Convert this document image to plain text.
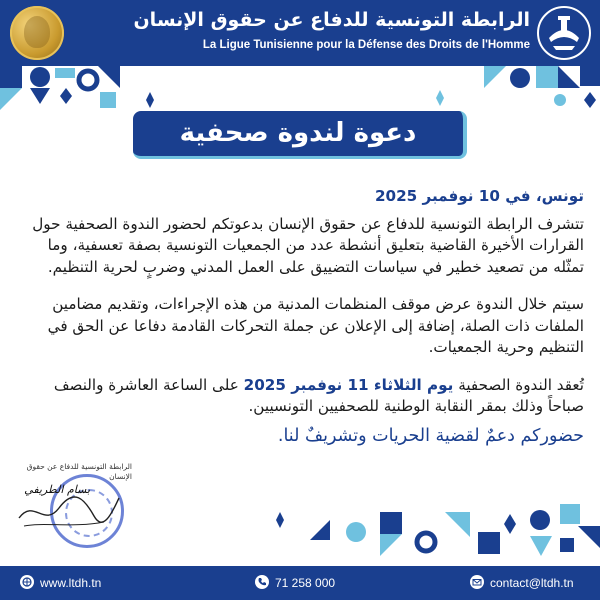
الرابطة التونسية للدفاع عن حقوق الإنسان
La Ligue Tunisienne pour la Défense des Droits de l'Homme
دعوة لندوة صحفية
تونس، في 10 نوفمبر 2025

تتشرف الرابطة التونسية للدفاع عن حقوق الإنسان بدعوتكم لحضور الندوة الصحفية حول القرارات الأخيرة القاضية بتعليق أنشطة عدد من الجمعيات التونسية بصفة تعسفية، وما تمثّله من تصعيد خطير في سياسات التضييق على العمل المدني وضربٍ لحرية التنظيم.

سيتم خلال الندوة عرض موقف المنظمات المدنية من هذه الإجراءات، وتقديم مضامين الملفات ذات الصلة، إضافة إلى الإعلان عن جملة التحركات القادمة دفاعا عن الحق في التنظيم وحرية الجمعيات.

تُعقد الندوة الصحفية يوم الثلاثاء 11 نوفمبر 2025 على الساعة العاشرة والنصف صباحاً وذلك بمقر النقابة الوطنية للصحفيين التونسيين.

حضوركم دعمٌ لقضية الحريات وتشريفٌ لنا.
الرابطة التونسية للدفاع عن حقوق الإنسان
بسام الطريفي
www.ltdh.tn	71 258 000	contact@ltdh.tn
